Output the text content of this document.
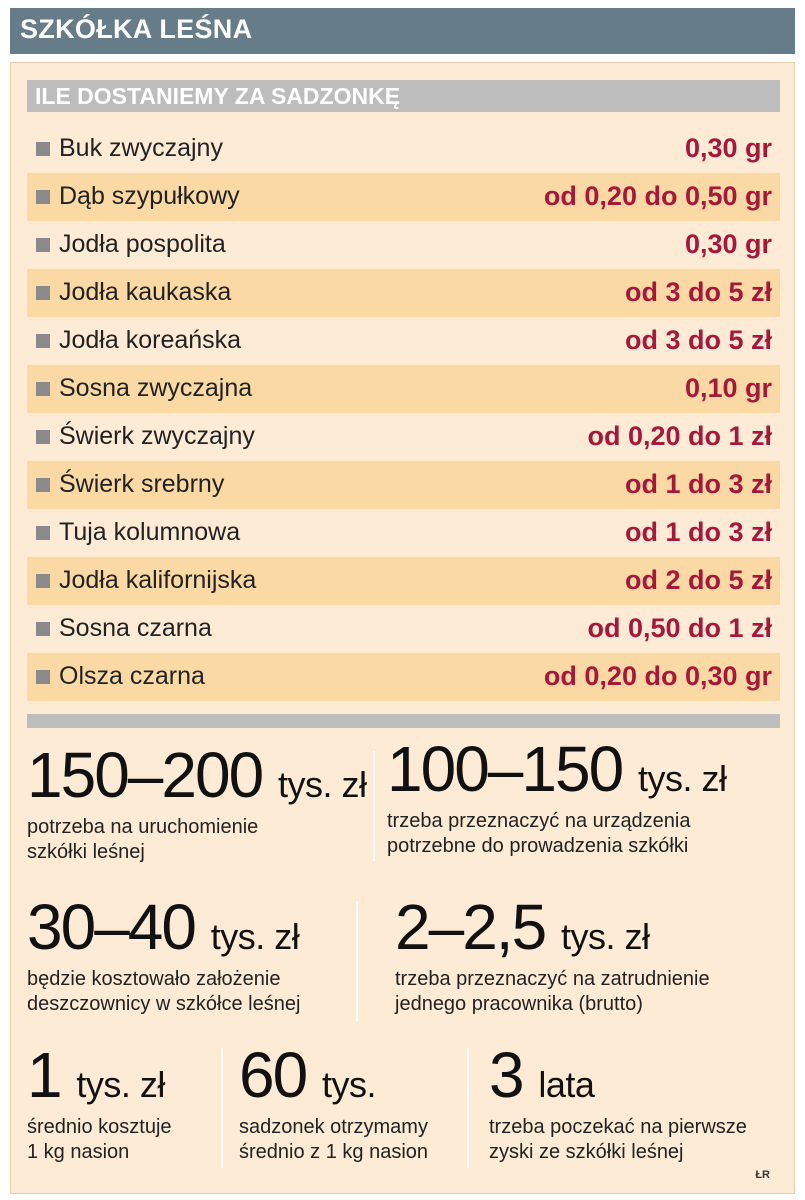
SZKÓŁKA LEŚNA
ILE DOSTANIEMY ZA SADZONKĘ
Buk zwyczajny	0,30 gr
Dąb szypułkowy	od 0,20 do 0,50 gr
Jodła pospolita	0,30 gr
Jodła kaukaska	od 3 do 5 zł
Jodła koreańska	od 3 do 5 zł
Sosna zwyczajna	0,10 gr
Świerk zwyczajny	od 0,20 do 1 zł
Świerk srebrny	od 1 do 3 zł
Tuja kolumnowa	od 1 do 3 zł
Jodła kalifornijska	od 2 do 5 zł
Sosna czarna	od 0,50 do 1 zł
Olsza czarna	od 0,20 do 0,30 gr
150–200 tys. zł
potrzeba na uruchomienie
szkółki leśnej
100–150 tys. zł
trzeba przeznaczyć na urządzenia
potrzebne do prowadzenia szkółki
30–40 tys. zł
będzie kosztowało założenie
deszczownicy w szkółce leśnej
2–2,5 tys. zł
trzeba przeznaczyć na zatrudnienie
jednego pracownika (brutto)
1 tys. zł
średnio kosztuje
1 kg nasion
60 tys.
sadzonek otrzymamy
średnio z 1 kg nasion
3 lata
trzeba poczekać na pierwsze
zyski ze szkółki leśnej
ŁR
